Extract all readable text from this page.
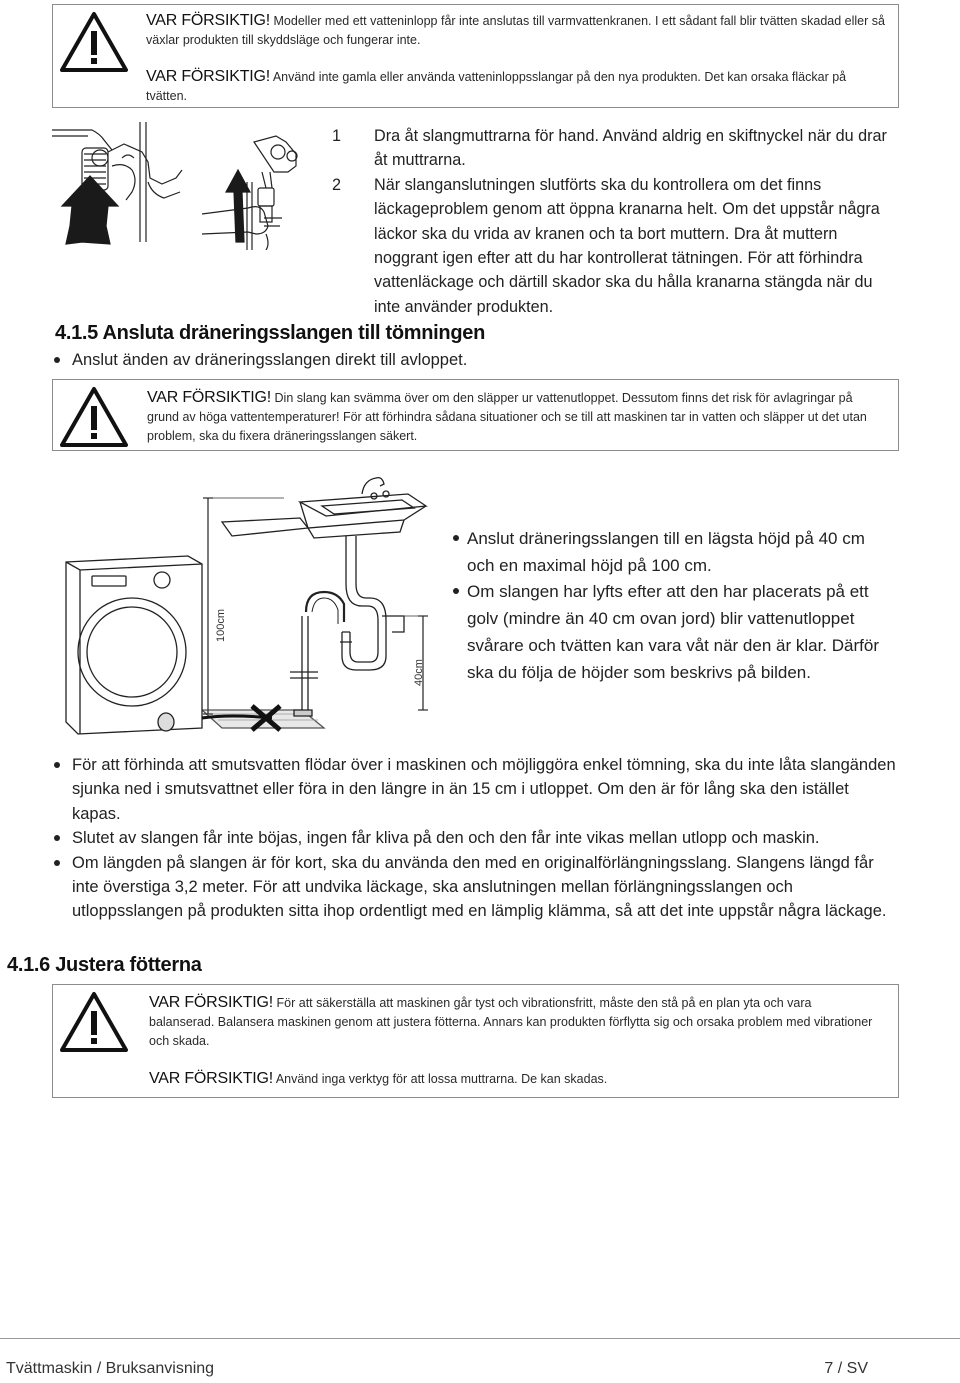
VAR FÖRSIKTIG! Modeller med ett vatteninlopp får inte anslutas till varmvattenkranen. I ett sådant fall blir tvätten skadad eller så växlar produkten till skyddsläge och fungerar inte.
VAR FÖRSIKTIG! Använd inte gamla eller använda vatteninloppsslangar på den nya produkten. Det kan orsaka fläckar på tvätten.
1	Dra åt slangmuttrarna för hand. Använd aldrig en skiftnyckel när du drar åt muttrarna.
2	När slanganslutningen slutförts ska du kontrollera om det finns läckageproblem genom att öppna kranarna helt. Om det uppstår några läckor ska du vrida av kranen och ta bort muttern. Dra åt muttern noggrant igen efter att du har kontrollerat tätningen. För att förhindra vattenläckage och därtill skador ska du hålla kranarna stängda när du inte använder produkten.
4.1.5 Ansluta dräneringsslangen till tömningen
Anslut änden av dräneringsslangen direkt till avloppet.
VAR FÖRSIKTIG! Din slang kan svämma över om den släpper ur vattenutloppet. Dessutom finns det risk för avlagringar på grund av höga vattentemperaturer! För att förhindra sådana situationer och se till att maskinen tar in vatten och släpper ut det utan problem, ska du fixera dräneringsslangen säkert.
100cm
40cm
Anslut dräneringsslangen till en lägsta höjd på 40 cm och en maximal höjd på 100 cm.
Om slangen har lyfts efter att den har placerats på ett golv (mindre än 40 cm ovan jord) blir vattenutloppet svårare och tvätten kan vara våt när den är klar. Därför ska du följa de höjder som beskrivs på bilden.
För att förhinda att smutsvatten flödar över i maskinen och möjliggöra enkel tömning, ska du inte låta slangänden sjunka ned i smutsvattnet eller föra in den längre in än 15 cm i utloppet. Om den är för lång ska den istället kapas.
Slutet av slangen får inte böjas, ingen får kliva på den och den får inte vikas mellan utlopp och maskin.
Om längden på slangen är för kort, ska du använda den med en originalförlängningsslang. Slangens längd får inte överstiga 3,2 meter. För att undvika läckage, ska anslutningen mellan förlängningsslangen och utloppsslangen på produkten sitta ihop ordentligt med en lämplig klämma, så att det inte uppstår några läckage.
4.1.6 Justera fötterna
VAR FÖRSIKTIG! För att säkerställa att maskinen går tyst och vibrationsfritt, måste den stå på en plan yta och vara balanserad. Balansera maskinen genom att justera fötterna. Annars kan produkten förflytta sig och orsaka problem med vibrationer och skada.
VAR FÖRSIKTIG! Använd inga verktyg för att lossa muttrarna. De kan skadas.
Tvättmaskin / Bruksanvisning	7 / SV
